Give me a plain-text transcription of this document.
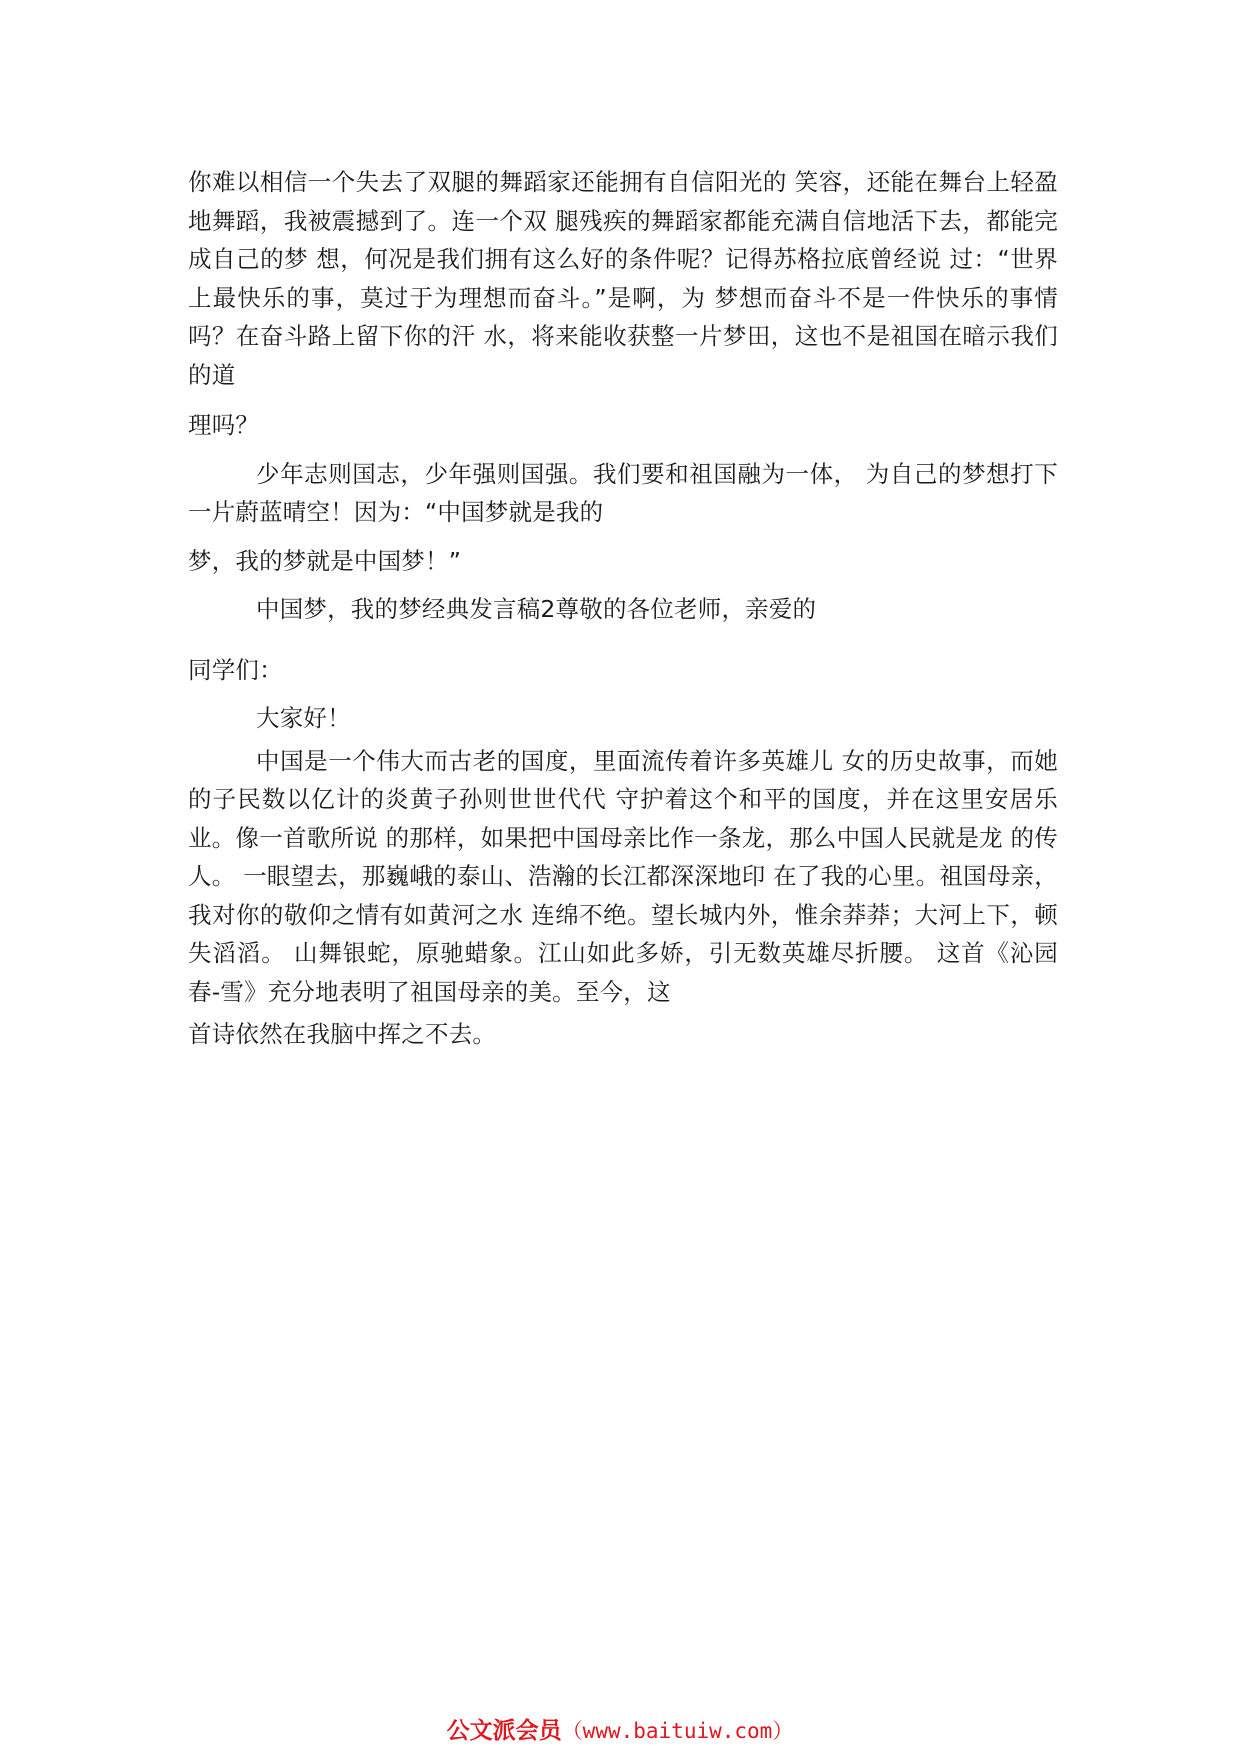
你难以相信一个失去了双腿的舞蹈家还能拥有自信阳光的 笑容，还能在舞台上轻盈地舞蹈，我被震撼到了。连一个双 腿残疾的舞蹈家都能充满自信地活下去，都能完成自己的梦 想，何况是我们拥有这么好的条件呢？记得苏格拉底曾经说 过：“世界上最快乐的事，莫过于为理想而奋斗。”是啊，为 梦想而奋斗不是一件快乐的事情吗？在奋斗路上留下你的汗 水，将来能收获整一片梦田，这也不是祖国在暗示我们的道

理吗？

少年志则国志，少年强则国强。我们要和祖国融为一体， 为自己的梦想打下一片蔚蓝晴空！因为：“中国梦就是我的

梦，我的梦就是中国梦！”

中国梦，我的梦经典发言稿2尊敬的各位老师，亲爱的

同学们：

大家好！

中国是一个伟大而古老的国度，里面流传着许多英雄儿 女的历史故事，而她的子民数以亿计的炎黄子孙则世世代代 守护着这个和平的国度，并在这里安居乐业。像一首歌所说 的那样，如果把中国母亲比作一条龙，那么中国人民就是龙 的传人。 一眼望去，那巍峨的泰山、浩瀚的长江都深深地印 在了我的心里。祖国母亲，我对你的敬仰之情有如黄河之水 连绵不绝。望长城内外，惟余莽莽；大河上下，顿失滔滔。 山舞银蛇，原驰蜡象。江山如此多娇，引无数英雄尽折腰。 这首《沁园春-雪》充分地表明了祖国母亲的美。至今，这

首诗依然在我脑中挥之不去。

公文派会员（www.baituiw.com）
